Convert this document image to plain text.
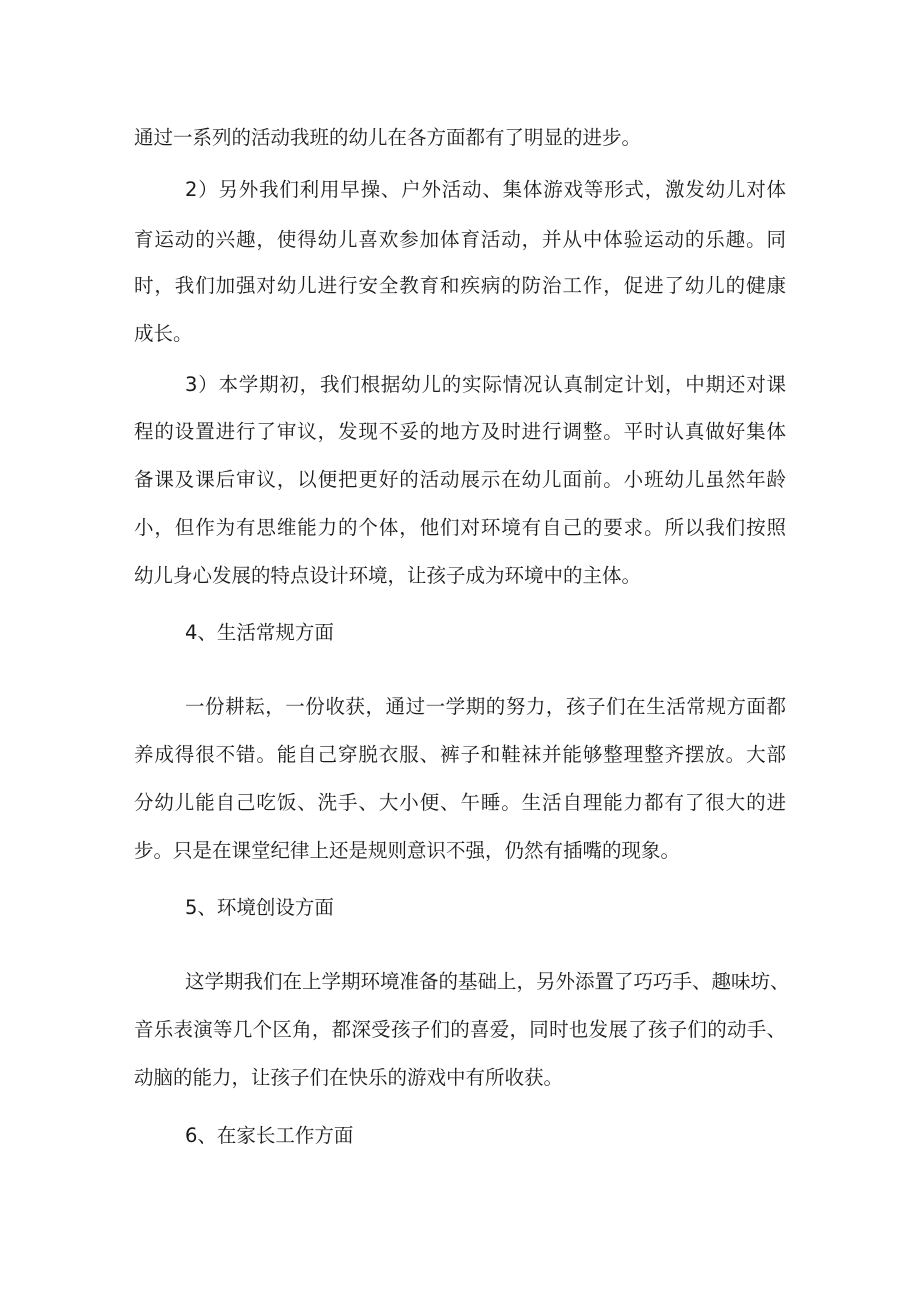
通过一系列的活动我班的幼儿在各方面都有了明显的进步。

2）另外我们利用早操、户外活动、集体游戏等形式，激发幼儿对体

育运动的兴趣，使得幼儿喜欢参加体育活动，并从中体验运动的乐趣。同

时，我们加强对幼儿进行安全教育和疾病的防治工作，促进了幼儿的健康

成长。

3）本学期初，我们根据幼儿的实际情况认真制定计划，中期还对课

程的设置进行了审议，发现不妥的地方及时进行调整。平时认真做好集体

备课及课后审议，以便把更好的活动展示在幼儿面前。小班幼儿虽然年龄

小，但作为有思维能力的个体，他们对环境有自己的要求。所以我们按照

幼儿身心发展的特点设计环境，让孩子成为环境中的主体。

4、生活常规方面

一份耕耘，一份收获，通过一学期的努力，孩子们在生活常规方面都

养成得很不错。能自己穿脱衣服、裤子和鞋袜并能够整理整齐摆放。大部

分幼儿能自己吃饭、洗手、大小便、午睡。生活自理能力都有了很大的进

步。只是在课堂纪律上还是规则意识不强，仍然有插嘴的现象。

5、环境创设方面

这学期我们在上学期环境准备的基础上，另外添置了巧巧手、趣味坊、

音乐表演等几个区角，都深受孩子们的喜爱，同时也发展了孩子们的动手、

动脑的能力，让孩子们在快乐的游戏中有所收获。

6、在家长工作方面
